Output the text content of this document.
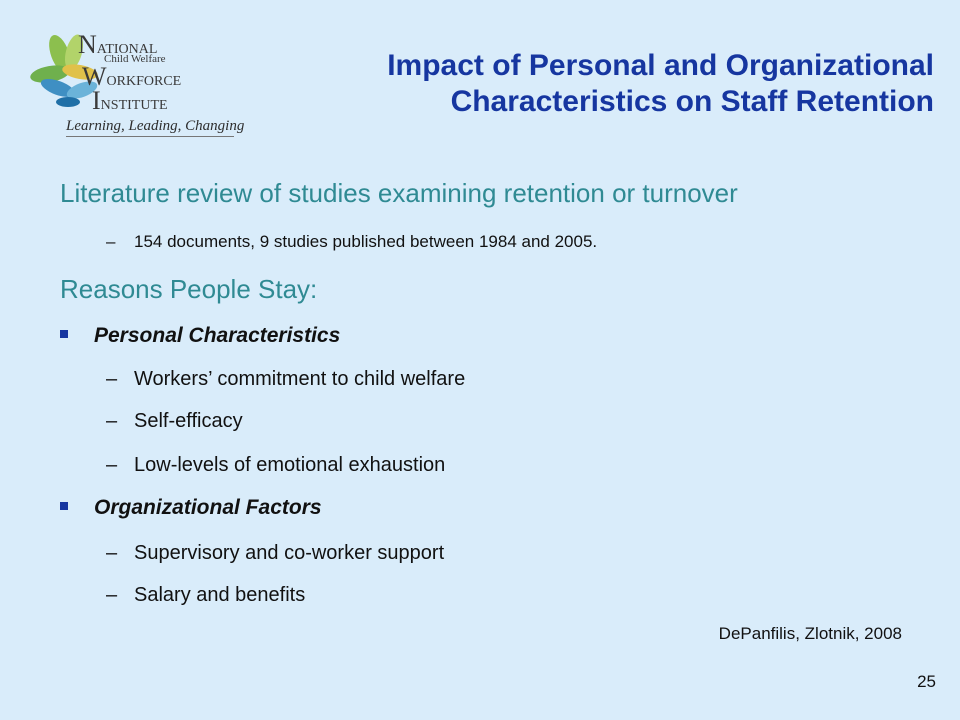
NATIONAL
Child Welfare
WORKFORCE
INSTITUTE
Learning, Leading, Changing
Impact of Personal and Organizational Characteristics on Staff Retention
Literature review of studies examining retention or turnover
– 154 documents, 9 studies published between 1984 and 2005.
Reasons People Stay:
Personal Characteristics
– Workers’ commitment to child welfare
– Self-efficacy
– Low-levels of emotional exhaustion
Organizational Factors
– Supervisory and co-worker support
– Salary and benefits
DePanfilis, Zlotnik, 2008
25
